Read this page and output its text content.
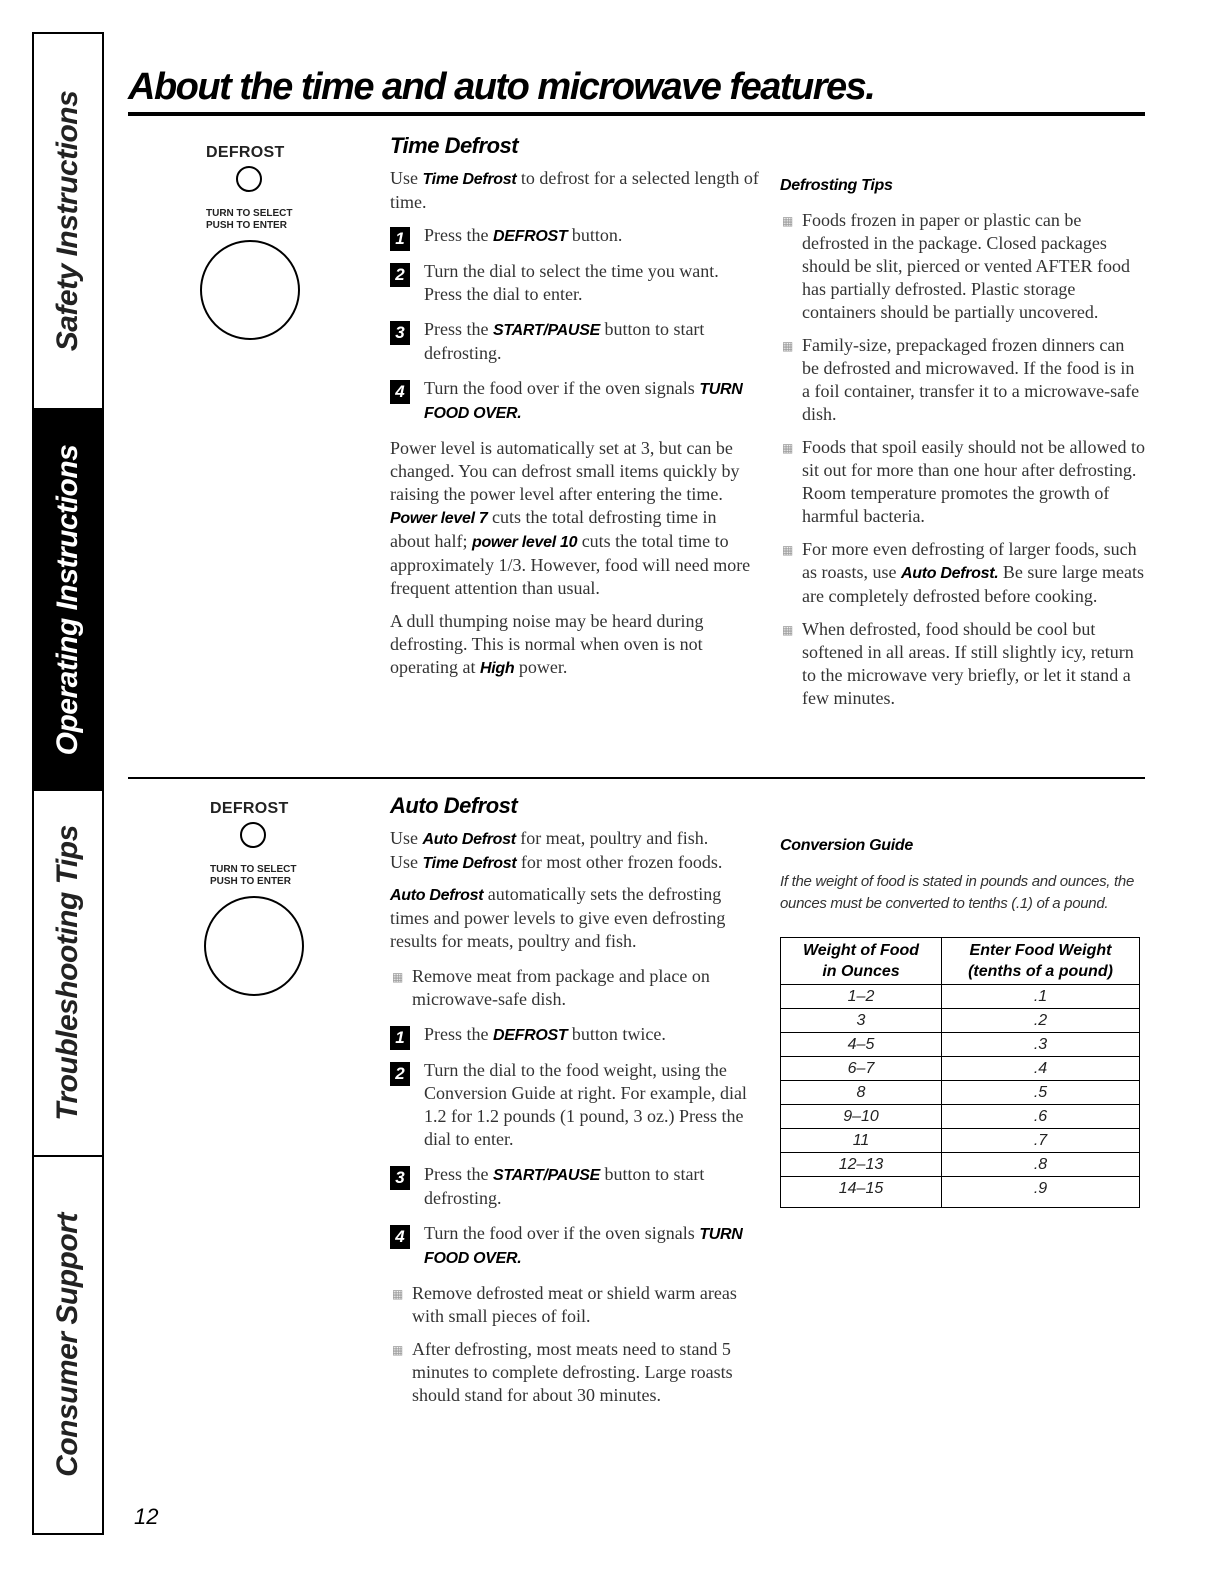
Safety Instructions
Operating Instructions
Troubleshooting Tips
Consumer Support
About the time and auto microwave features.
DEFROST
TURN TO SELECT
PUSH TO ENTER
DEFROST
TURN TO SELECT
PUSH TO ENTER
Time Defrost

Use Time Defrost to defrost for a selected length of time.

1 Press the DEFROST button.
2 Turn the dial to select the time you want. Press the dial to enter.
3 Press the START/PAUSE button to start defrosting.
4 Turn the food over if the oven signals TURN FOOD OVER.

Power level is automatically set at 3, but can be changed. You can defrost small items quickly by raising the power level after entering the time. Power level 7 cuts the total defrosting time in about half; power level 10 cuts the total time to approximately 1/3. However, food will need more frequent attention than usual.

A dull thumping noise may be heard during defrosting. This is normal when oven is not operating at High power.

Defrosting Tips
▦ Foods frozen in paper or plastic can be defrosted in the package. Closed packages should be slit, pierced or vented AFTER food has partially defrosted. Plastic storage containers should be partially uncovered.
▦ Family-size, prepackaged frozen dinners can be defrosted and microwaved. If the food is in a foil container, transfer it to a microwave-safe dish.
▦ Foods that spoil easily should not be allowed to sit out for more than one hour after defrosting. Room temperature promotes the growth of harmful bacteria.
▦ For more even defrosting of larger foods, such as roasts, use Auto Defrost. Be sure large meats are completely defrosted before cooking.
▦ When defrosted, food should be cool but softened in all areas. If still slightly icy, return to the microwave very briefly, or let it stand a few minutes.
Auto Defrost

Use Auto Defrost for meat, poultry and fish.
Use Time Defrost for most other frozen foods.

Auto Defrost automatically sets the defrosting times and power levels to give even defrosting results for meats, poultry and fish.

▦ Remove meat from package and place on microwave-safe dish.
1 Press the DEFROST button twice.
2 Turn the dial to the food weight, using the Conversion Guide at right. For example, dial 1.2 for 1.2 pounds (1 pound, 3 oz.) Press the dial to enter.
3 Press the START/PAUSE button to start defrosting.
4 Turn the food over if the oven signals TURN FOOD OVER.
▦ Remove defrosted meat or shield warm areas with small pieces of foil.
▦ After defrosting, most meats need to stand 5 minutes to complete defrosting. Large roasts should stand for about 30 minutes.
Conversion Guide
If the weight of food is stated in pounds and ounces, the ounces must be converted to tenths (.1) of a pound.
Weight of Food
in Ounces	Enter Food Weight
(tenths of a pound)
1–2	.1
3	.2
4–5	.3
6–7	.4
8	.5
9–10	.6
11	.7
12–13	.8
14–15	.9
12
